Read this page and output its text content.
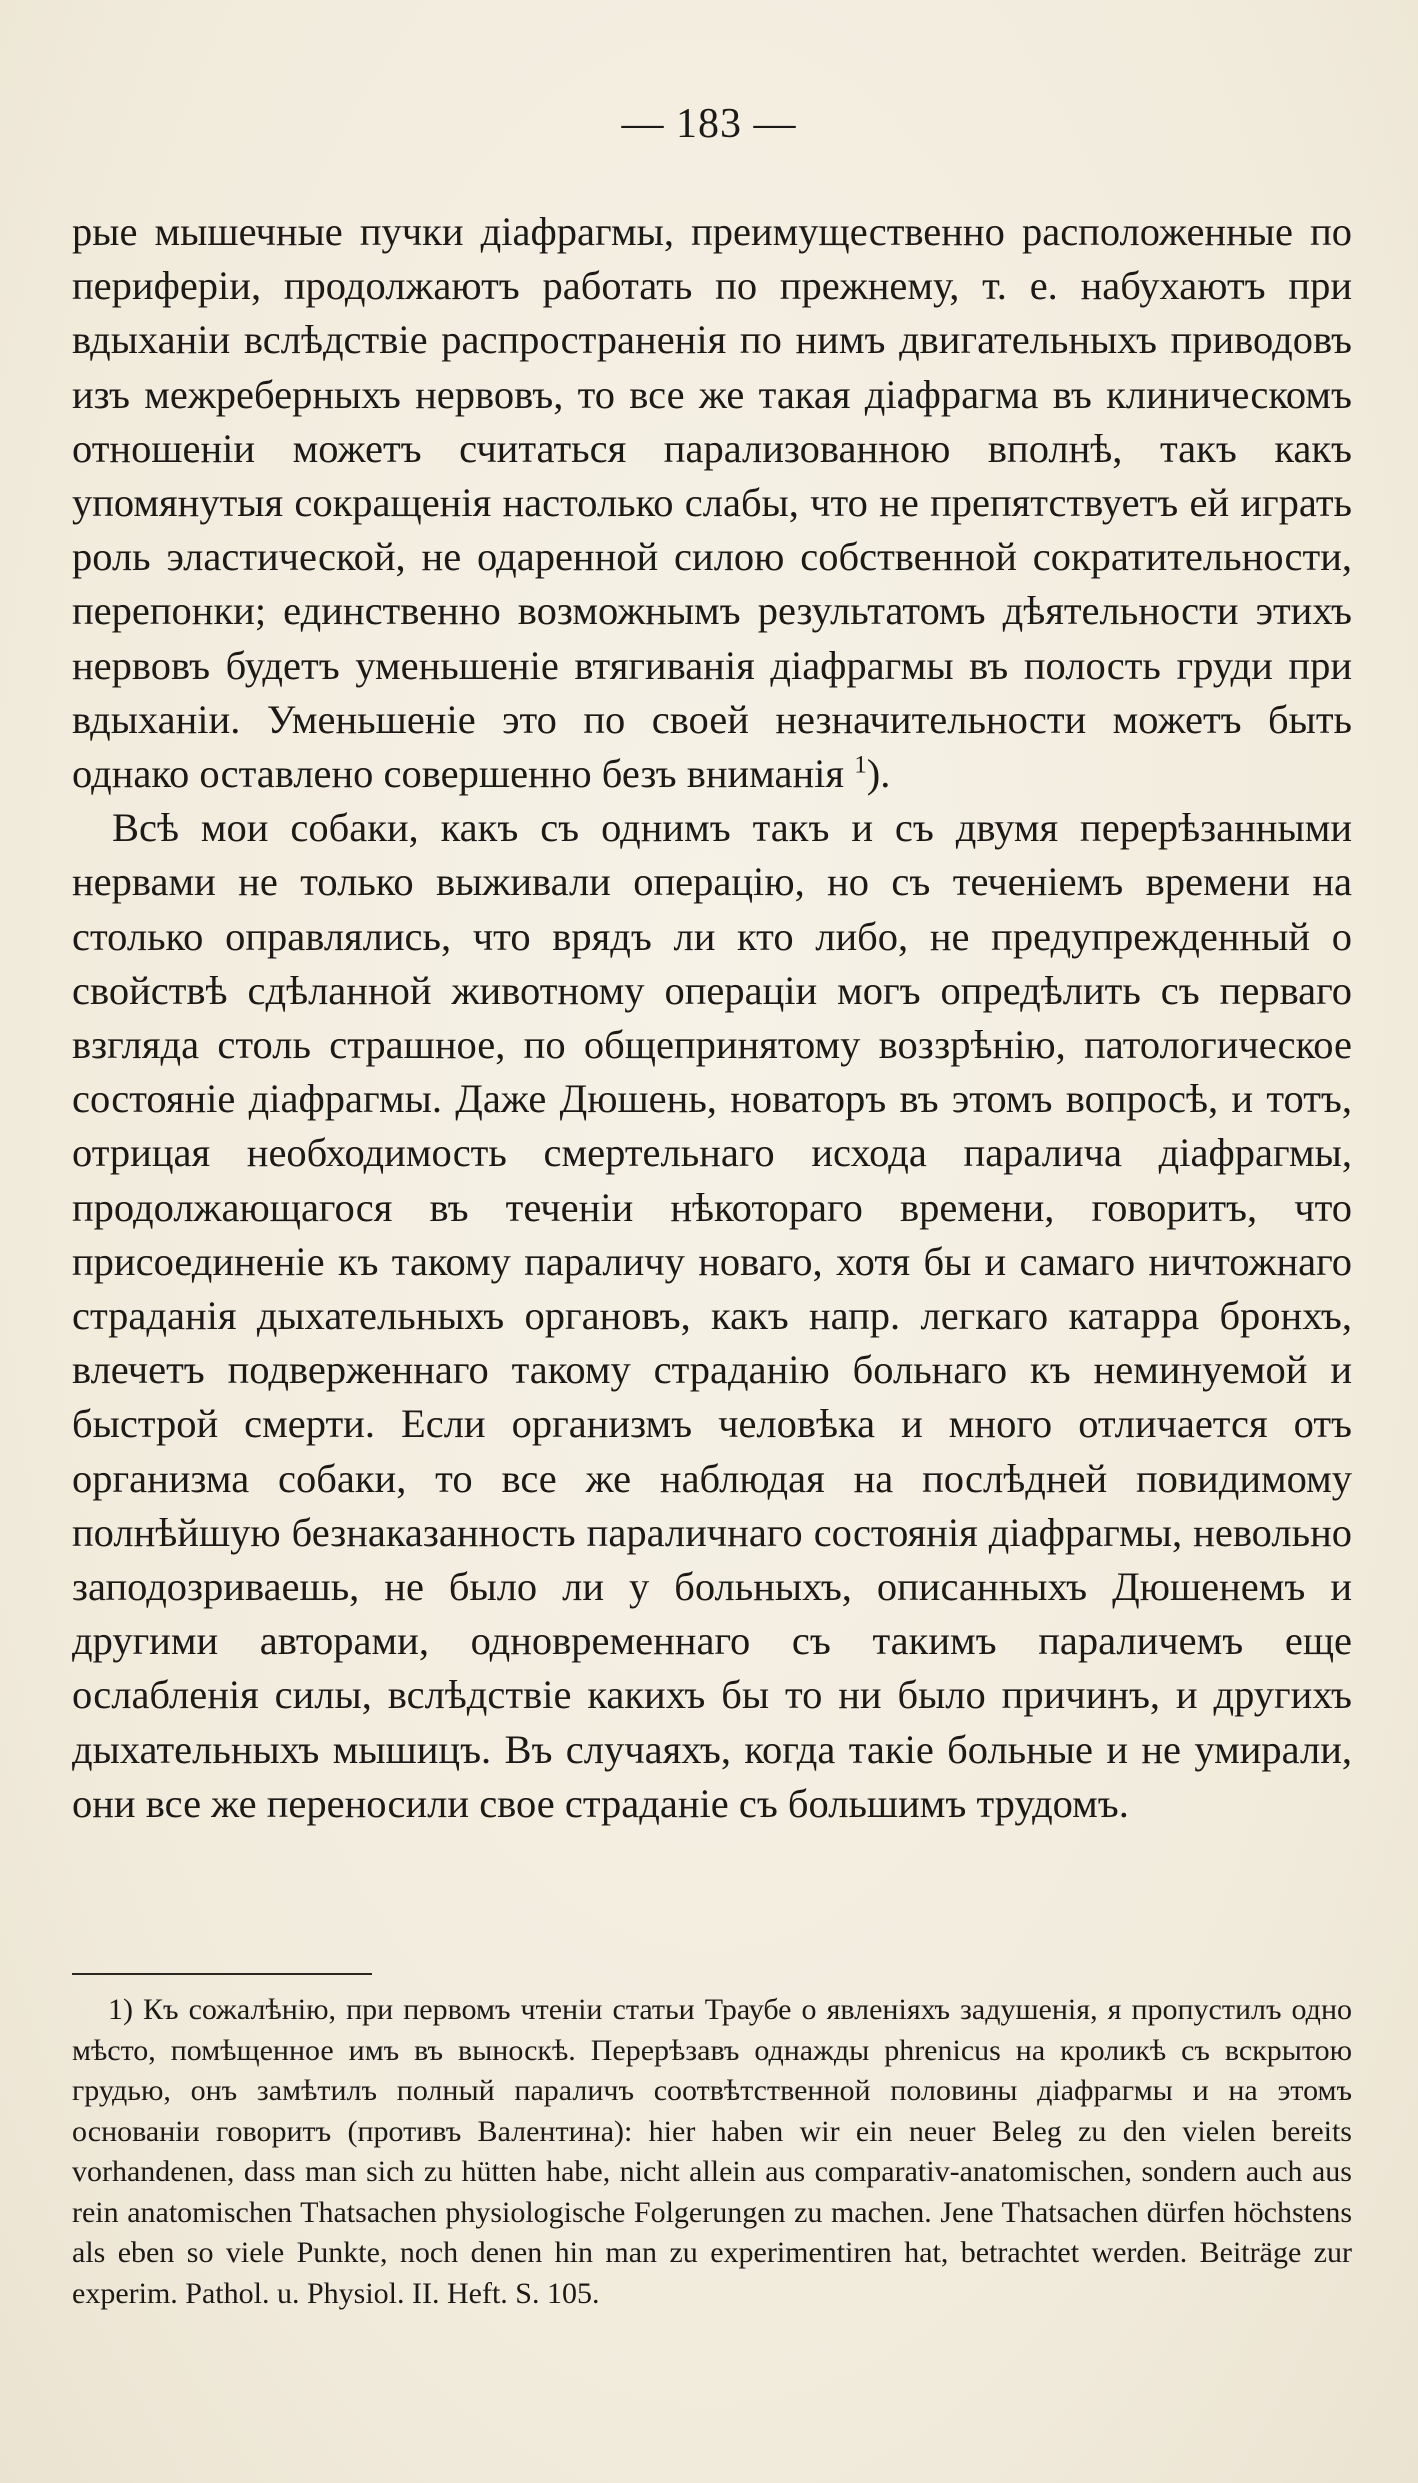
— 183 —

рые мышечные пучки діафрагмы, преимущественно расположенные по периферіи, продолжаютъ работать по прежнему, т. е. набухаютъ при вдыханіи вслѣдствіе распространенія по нимъ двигательныхъ приводовъ изъ межреберныхъ нервовъ, то все же такая діафрагма въ клиническомъ отношеніи можетъ считаться парализованною вполнѣ, такъ какъ упомянутыя сокращенія настолько слабы, что не препятствуетъ ей играть роль эластической, не одаренной силою собственной сократительности, перепонки; единственно возможнымъ результатомъ дѣятельности этихъ нервовъ будетъ уменьшеніе втягиванія діафрагмы въ полость груди при вдыханіи. Уменьшеніе это по своей незначительности можетъ быть однако оставлено совершенно безъ вниманія $^1$).

Всѣ мои собаки, какъ съ однимъ такъ и съ двумя перерѣзанными нервами не только выживали операцію, но съ теченіемъ времени на столько оправлялись, что врядъ ли кто либо, не предупрежденный о свойствѣ сдѣланной животному операціи могъ опредѣлить съ перваго взгляда столь страшное, по общепринятому воззрѣнію, патологическое состояніе діафрагмы. Даже Дюшень, новаторъ въ этомъ вопросѣ, и тотъ, отрицая необходимость смертельнаго исхода паралича діафрагмы, продолжающагося въ теченіи нѣкотораго времени, говоритъ, что присоединеніе къ такому параличу новаго, хотя бы и самаго ничтожнаго страданія дыхательныхъ органовъ, какъ напр. легкаго катарра бронхъ, влечетъ подверженнаго такому страданію больнаго къ неминуемой и быстрой смерти. Если организмъ человѣка и много отличается отъ организма собаки, то все же наблюдая на послѣдней повидимому полнѣйшую безнаказанность параличнаго состоянія діафрагмы, невольно заподозриваешь, не было ли у больныхъ, описанныхъ Дюшенемъ и другими авторами, одновременнаго съ такимъ параличемъ еще ослабленія силы, вслѣдствіе какихъ бы то ни было причинъ, и другихъ дыхательныхъ мышицъ. Въ случаяхъ, когда такіе больные и не умирали, они все же переносили свое страданіе съ большимъ трудомъ.

1) Къ сожалѣнію, при первомъ чтеніи статьи Траубе о явленіяхъ задушенія, я пропустилъ одно мѣсто, помѣщенное имъ въ выноскѣ. Перерѣзавъ однажды phrenicus на кроликѣ съ вскрытою грудью, онъ замѣтилъ полный параличъ соотвѣтственной половины діафрагмы и на этомъ основаніи говоритъ (противъ Валентина): hier haben wir ein neuer Beleg zu den vielen bereits vorhandenen, dass man sich zu hütten habe, nicht allein aus comparativ-anatomischen, sondern auch aus rein anatomischen Thatsachen physiologische Folgerungen zu machen. Jene Thatsachen dürfen höchstens als eben so viele Punkte, noch denen hin man zu experimentiren hat, betrachtet werden. Beiträge zur experim. Pathol. u. Physiol. II. Heft. S. 105.
